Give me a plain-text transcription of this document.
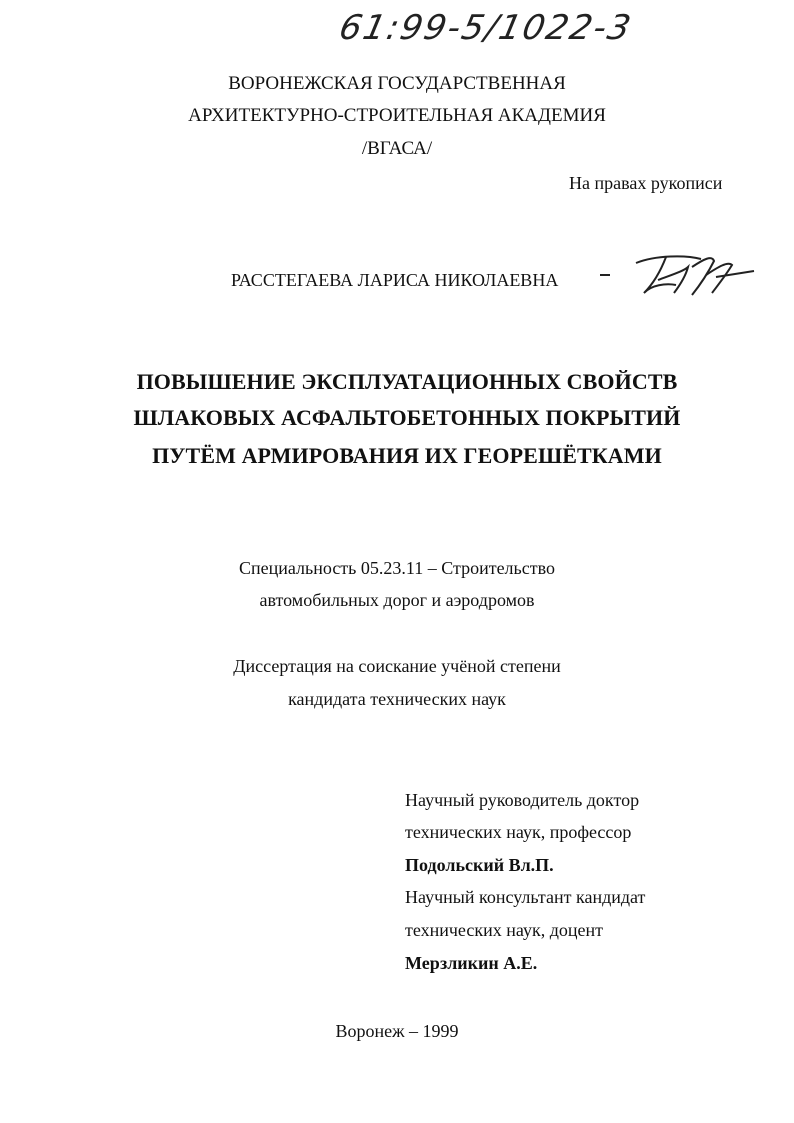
61:99-5/1022-3
ВОРОНЕЖСКАЯ ГОСУДАРСТВЕННАЯ
АРХИТЕКТУРНО-СТРОИТЕЛЬНАЯ АКАДЕМИЯ
/ВГАСА/
На правах рукописи
РАССТЕГАЕВА ЛАРИСА НИКОЛАЕВНА
ПОВЫШЕНИЕ ЭКСПЛУАТАЦИОННЫХ СВОЙСТВ
ШЛАКОВЫХ АСФАЛЬТОБЕТОННЫХ ПОКРЫТИЙ
ПУТЁМ АРМИРОВАНИЯ ИХ ГЕОРЕШЁТКАМИ
Специальность 05.23.11 – Строительство
автомобильных дорог и аэродромов
Диссертация на соискание учёной степени
кандидата технических наук
Научный руководитель доктор
технических наук, профессор
Подольский Вл.П.
Научный консультант кандидат
технических наук, доцент
Мерзликин А.Е.
Воронеж – 1999
